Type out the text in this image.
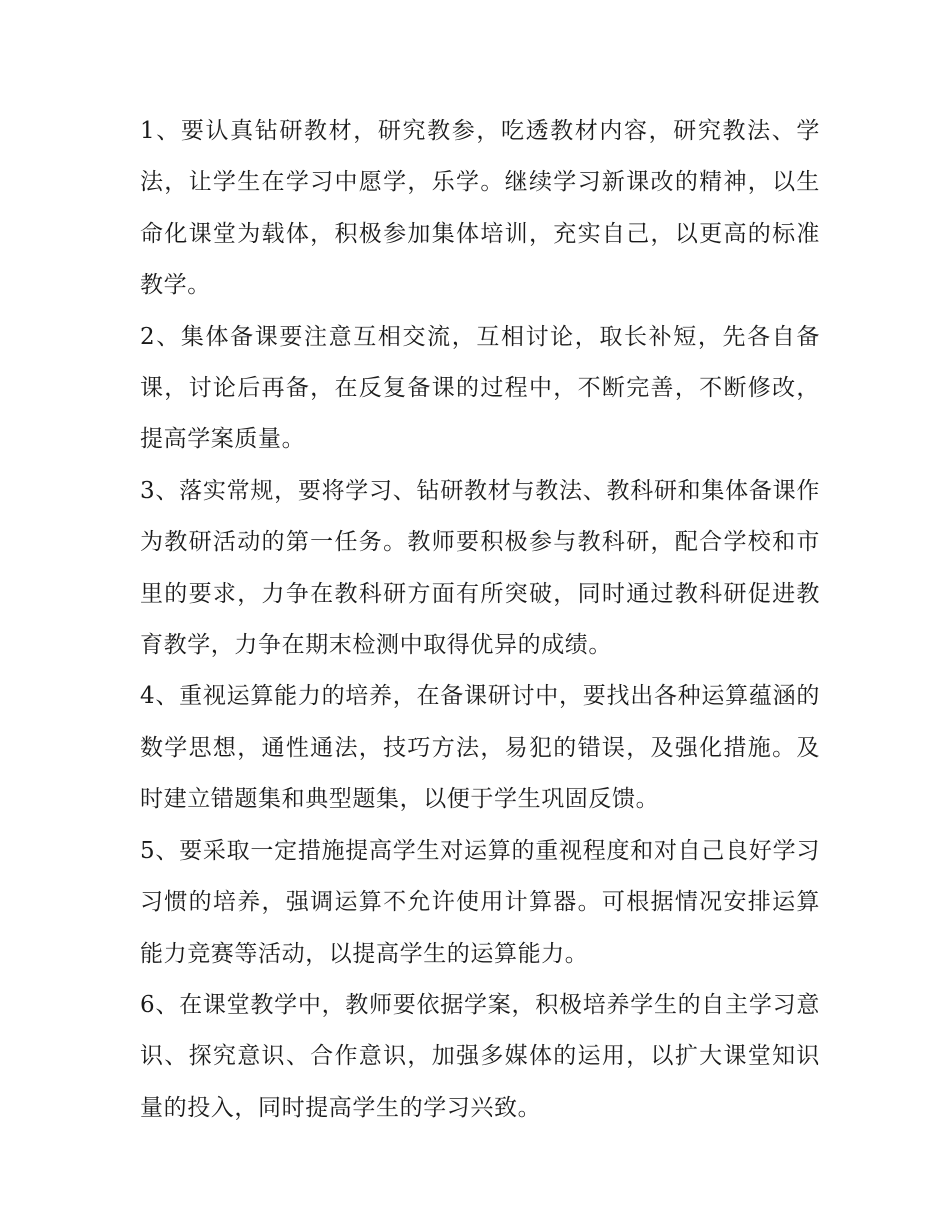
1、要认真钻研教材，研究教参，吃透教材内容，研究教法、学法，让学生在学习中愿学，乐学。继续学习新课改的精神，以生命化课堂为载体，积极参加集体培训，充实自己，以更高的标准教学。

2、集体备课要注意互相交流，互相讨论，取长补短，先各自备课，讨论后再备，在反复备课的过程中，不断完善，不断修改，提高学案质量。

3、落实常规，要将学习、钻研教材与教法、教科研和集体备课作为教研活动的第一任务。教师要积极参与教科研，配合学校和市里的要求，力争在教科研方面有所突破，同时通过教科研促进教育教学，力争在期末检测中取得优异的成绩。

4、重视运算能力的培养，在备课研讨中，要找出各种运算蕴涵的数学思想，通性通法，技巧方法，易犯的错误，及强化措施。及时建立错题集和典型题集，以便于学生巩固反馈。

5、要采取一定措施提高学生对运算的重视程度和对自己良好学习习惯的培养，强调运算不允许使用计算器。可根据情况安排运算能力竞赛等活动，以提高学生的运算能力。

6、在课堂教学中，教师要依据学案，积极培养学生的自主学习意识、探究意识、合作意识，加强多媒体的运用，以扩大课堂知识量的投入，同时提高学生的学习兴致。
